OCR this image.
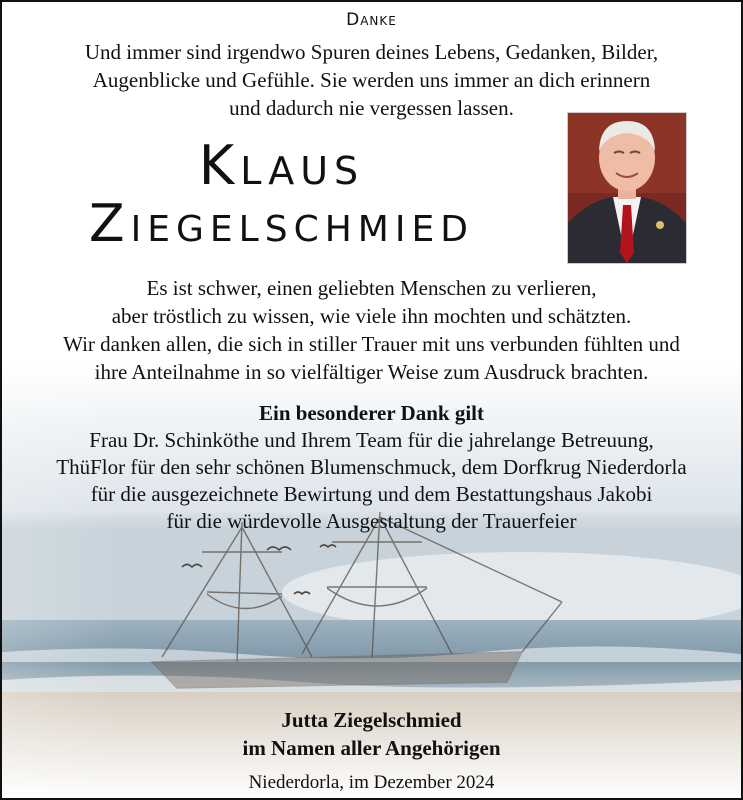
Danke
Und immer sind irgendwo Spuren deines Lebens, Gedanken, Bilder,
Augenblicke und Gefühle. Sie werden uns immer an dich erinnern
und dadurch nie vergessen lassen.
Klaus
Ziegelschmied
Es ist schwer, einen geliebten Menschen zu verlieren,
aber tröstlich zu wissen, wie viele ihn mochten und schätzten.
Wir danken allen, die sich in stiller Trauer mit uns verbunden fühlten und
ihre Anteilnahme in so vielfältiger Weise zum Ausdruck brachten.
Ein besonderer Dank gilt
Frau Dr. Schinköthe und Ihrem Team für die jahrelange Betreuung,
ThüFlor für den sehr schönen Blumenschmuck, dem Dorfkrug Niederdorla
für die ausgezeichnete Bewirtung und dem Bestattungshaus Jakobi
für die würdevolle Ausgestaltung der Trauerfeier
Jutta Ziegelschmied
im Namen aller Angehörigen
Niederdorla, im Dezember 2024
